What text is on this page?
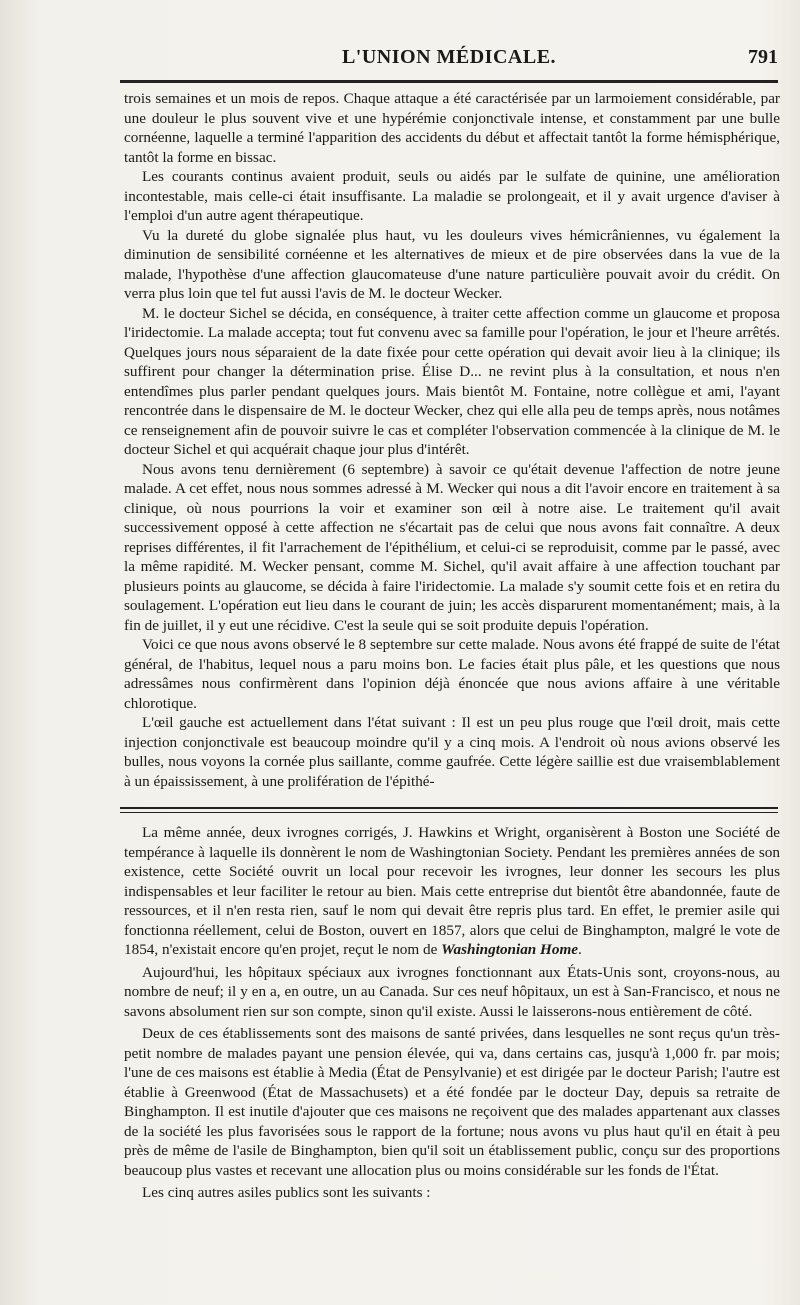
L'UNION MÉDICALE.	791

trois semaines et un mois de repos. Chaque attaque a été caractérisée par un larmoiement considérable, par une douleur le plus souvent vive et une hypérémie conjonctivale intense, et constamment par une bulle cornéenne, laquelle a terminé l'apparition des accidents du début et affectait tantôt la forme hémisphérique, tantôt la forme en bissac.

Les courants continus avaient produit, seuls ou aidés par le sulfate de quinine, une amélioration incontestable, mais celle-ci était insuffisante. La maladie se prolongeait, et il y avait urgence d'aviser à l'emploi d'un autre agent thérapeutique.

Vu la dureté du globe signalée plus haut, vu les douleurs vives hémicrâniennes, vu également la diminution de sensibilité cornéenne et les alternatives de mieux et de pire observées dans la vue de la malade, l'hypothèse d'une affection glaucomateuse d'une nature particulière pouvait avoir du crédit. On verra plus loin que tel fut aussi l'avis de M. le docteur Wecker.

M. le docteur Sichel se décida, en conséquence, à traiter cette affection comme un glaucome et proposa l'iridectomie. La malade accepta; tout fut convenu avec sa famille pour l'opération, le jour et l'heure arrêtés. Quelques jours nous séparaient de la date fixée pour cette opération qui devait avoir lieu à la clinique; ils suffirent pour changer la détermination prise. Élise D... ne revint plus à la consultation, et nous n'en entendîmes plus parler pendant quelques jours. Mais bientôt M. Fontaine, notre collègue et ami, l'ayant rencontrée dans le dispensaire de M. le docteur Wecker, chez qui elle alla peu de temps après, nous notâmes ce renseignement afin de pouvoir suivre le cas et compléter l'observation commencée à la clinique de M. le docteur Sichel et qui acquérait chaque jour plus d'intérêt.

Nous avons tenu dernièrement (6 septembre) à savoir ce qu'était devenue l'affection de notre jeune malade. A cet effet, nous nous sommes adressé à M. Wecker qui nous a dit l'avoir encore en traitement à sa clinique, où nous pourrions la voir et examiner son œil à notre aise. Le traitement qu'il avait successivement opposé à cette affection ne s'écartait pas de celui que nous avons fait connaître. A deux reprises différentes, il fit l'arrachement de l'épithélium, et celui-ci se reproduisit, comme par le passé, avec la même rapidité. M. Wecker pensant, comme M. Sichel, qu'il avait affaire à une affection touchant par plusieurs points au glaucome, se décida à faire l'iridectomie. La malade s'y soumit cette fois et en retira du soulagement. L'opération eut lieu dans le courant de juin; les accès disparurent momentanément; mais, à la fin de juillet, il y eut une récidive. C'est la seule qui se soit produite depuis l'opération.

Voici ce que nous avons observé le 8 septembre sur cette malade. Nous avons été frappé de suite de l'état général, de l'habitus, lequel nous a paru moins bon. Le facies était plus pâle, et les questions que nous adressâmes nous confirmèrent dans l'opinion déjà énoncée que nous avions affaire à une véritable chlorotique.

L'œil gauche est actuellement dans l'état suivant : Il est un peu plus rouge que l'œil droit, mais cette injection conjonctivale est beaucoup moindre qu'il y a cinq mois. A l'endroit où nous avions observé les bulles, nous voyons la cornée plus saillante, comme gaufrée. Cette légère saillie est due vraisemblablement à un épaississement, à une prolifération de l'épithé-

La même année, deux ivrognes corrigés, J. Hawkins et Wright, organisèrent à Boston une Société de tempérance à laquelle ils donnèrent le nom de Washingtonian Society. Pendant les premières années de son existence, cette Société ouvrit un local pour recevoir les ivrognes, leur donner les secours les plus indispensables et leur faciliter le retour au bien. Mais cette entreprise dut bientôt être abandonnée, faute de ressources, et il n'en resta rien, sauf le nom qui devait être repris plus tard. En effet, le premier asile qui fonctionna réellement, celui de Boston, ouvert en 1857, alors que celui de Binghampton, malgré le vote de 1854, n'existait encore qu'en projet, reçut le nom de Washingtonian Home.

Aujourd'hui, les hôpitaux spéciaux aux ivrognes fonctionnant aux États-Unis sont, croyons-nous, au nombre de neuf; il y en a, en outre, un au Canada. Sur ces neuf hôpitaux, un est à San-Francisco, et nous ne savons absolument rien sur son compte, sinon qu'il existe. Aussi le laisserons-nous entièrement de côté.

Deux de ces établissements sont des maisons de santé privées, dans lesquelles ne sont reçus qu'un très-petit nombre de malades payant une pension élevée, qui va, dans certains cas, jusqu'à 1,000 fr. par mois; l'une de ces maisons est établie à Media (État de Pensylvanie) et est dirigée par le docteur Parish; l'autre est établie à Greenwood (État de Massachusets) et a été fondée par le docteur Day, depuis sa retraite de Binghampton. Il est inutile d'ajouter que ces maisons ne reçoivent que des malades appartenant aux classes de la société les plus favorisées sous le rapport de la fortune; nous avons vu plus haut qu'il en était à peu près de même de l'asile de Binghampton, bien qu'il soit un établissement public, conçu sur des proportions beaucoup plus vastes et recevant une allocation plus ou moins considérable sur les fonds de l'État.

Les cinq autres asiles publics sont les suivants :
